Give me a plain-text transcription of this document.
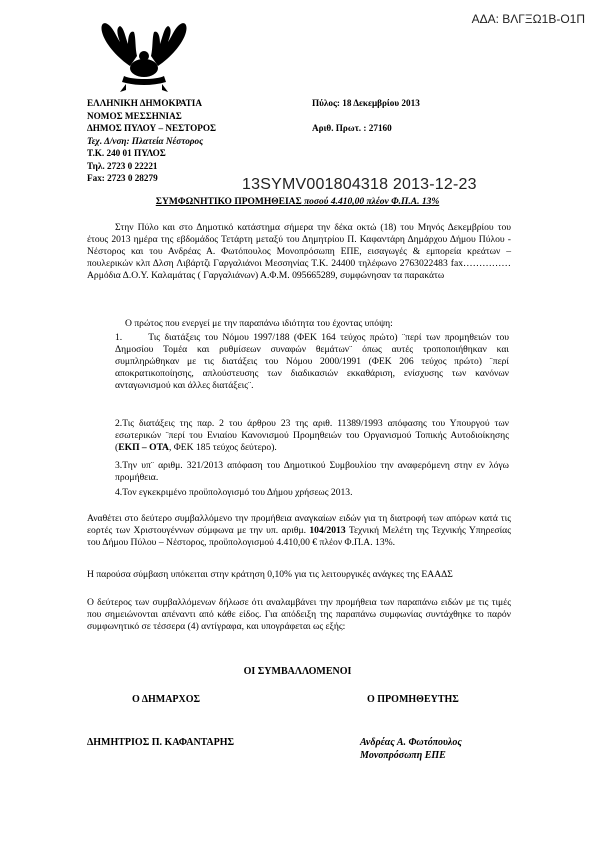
ΑΔΑ: ΒΛΓΞΩ1Β-Ο1Π
ΕΛΛΗΝΙΚΗ ΔΗΜΟΚΡΑΤΙΑ
ΝΟΜΟΣ ΜΕΣΣΗΝΙΑΣ
ΔΗΜΟΣ ΠΥΛΟΥ – ΝΕΣΤΟΡΟΣ
Τεχ. Δ/νση: Πλατεία Νέστορος
Τ.Κ. 240 01 ΠΥΛΟΣ
Τηλ. 2723 0 22221
Fax: 2723 0 28279
Πύλος: 18 Δεκεμβρίου 2013
Αριθ. Πρωτ. : 27160
13SYMV001804318 2013-12-23
ΣΥΜΦΩΝΗΤΙΚΟ ΠΡΟΜΗΘΕΙΑΣ ποσού 4.410,00 πλέον Φ.Π.Α. 13%
Στην Πύλο και στο Δημοτικό κατάστημα σήμερα την δέκα οκτώ (18) του Μηνός Δεκεμβρίου του έτους 2013 ημέρα της εβδομάδος Τετάρτη μεταξύ του Δημητρίου Π. Καφαντάρη Δημάρχου Δήμου Πύλου - Νέστορος και του Ανδρέας Α. Φωτόπουλος Μονοπρόσωπη ΕΠΕ, εισαγωγές & εμπορεία κρεάτων – πουλερικών κλπ Δλση Λιβάρτζι Γαργαλιάνοι Μεσσηνίας Τ.Κ. 24400 τηλέφωνο 2763022483 fax……………Αρμόδια Δ.Ο.Υ. Καλαμάτας ( Γαργαλιάνων) Α.Φ.Μ. 095665289, συμφώνησαν τα παρακάτω
Ο πρώτος που ενεργεί με την παραπάνω ιδιότητα του έχοντας υπόψη:
1.	Τις διατάξεις του Νόμου 1997/188 (ΦΕΚ 164 τεύχος πρώτο) ¨περί των προμηθειών του Δημοσίου Τομέα και ρυθμίσεων συναφών θεμάτων¨ όπως αυτές τροποποιήθηκαν και συμπληρώθηκαν με τις διατάξεις του Νόμου 2000/1991 (ΦΕΚ 206 τεύχος πρώτο) ¨περί αποκρατικοποίησης, απλούστευσης των διαδικασιών εκκαθάριση, ενίσχυσης των κανόνων ανταγωνισμού και άλλες διατάξεις¨.
2.Τις διατάξεις της παρ. 2 του άρθρου 23 της αριθ. 11389/1993 απόφασης του Υπουργού των εσωτερικών ¨περί του Ενιαίου Κανονισμού Προμηθειών του Οργανισμού Τοπικής Αυτοδιοίκησης (ΕΚΠ – ΟΤΑ, ΦΕΚ 185 τεύχος δεύτερο).
3.Την υπ¨ αριθμ. 321/2013 απόφαση του Δημοτικού Συμβουλίου την αναφερόμενη στην εν λόγω προμήθεια.
4.Τον εγκεκριμένο προϋπολογισμό του Δήμου χρήσεως 2013.
Αναθέτει στο δεύτερο συμβαλλόμενο την προμήθεια αναγκαίων ειδών για τη διατροφή των απόρων κατά τις εορτές των Χριστουγέννων σύμφωνα με την υπ. αριθμ. 104/2013 Τεχνική Μελέτη της Τεχνικής Υπηρεσίας του Δήμου Πύλου – Νέστορος, προϋπολογισμού 4.410,00 € πλέον Φ.Π.Α. 13%.
Η παρούσα σύμβαση υπόκειται στην κράτηση 0,10% για τις λειτουργικές ανάγκες της ΕΑΑΔΣ
Ο δεύτερος των συμβαλλόμενων δήλωσε ότι αναλαμβάνει την προμήθεια των παραπάνω ειδών με τις τιμές που σημειώνονται απέναντι από κάθε είδος. Για απόδειξη της παραπάνω συμφωνίας συντάχθηκε το παρόν συμφωνητικό σε τέσσερα (4) αντίγραφα, και υπογράφεται ως εξής:
ΟΙ ΣΥΜΒΑΛΛΟΜΕΝΟΙ
Ο ΔΗΜΑΡΧΟΣ	Ο ΠΡΟΜΗΘΕΥΤΗΣ
ΔΗΜΗΤΡΙΟΣ Π. ΚΑΦΑΝΤΑΡΗΣ	Ανδρέας Α. Φωτόπουλος
Μονοπρόσωπη ΕΠΕ
